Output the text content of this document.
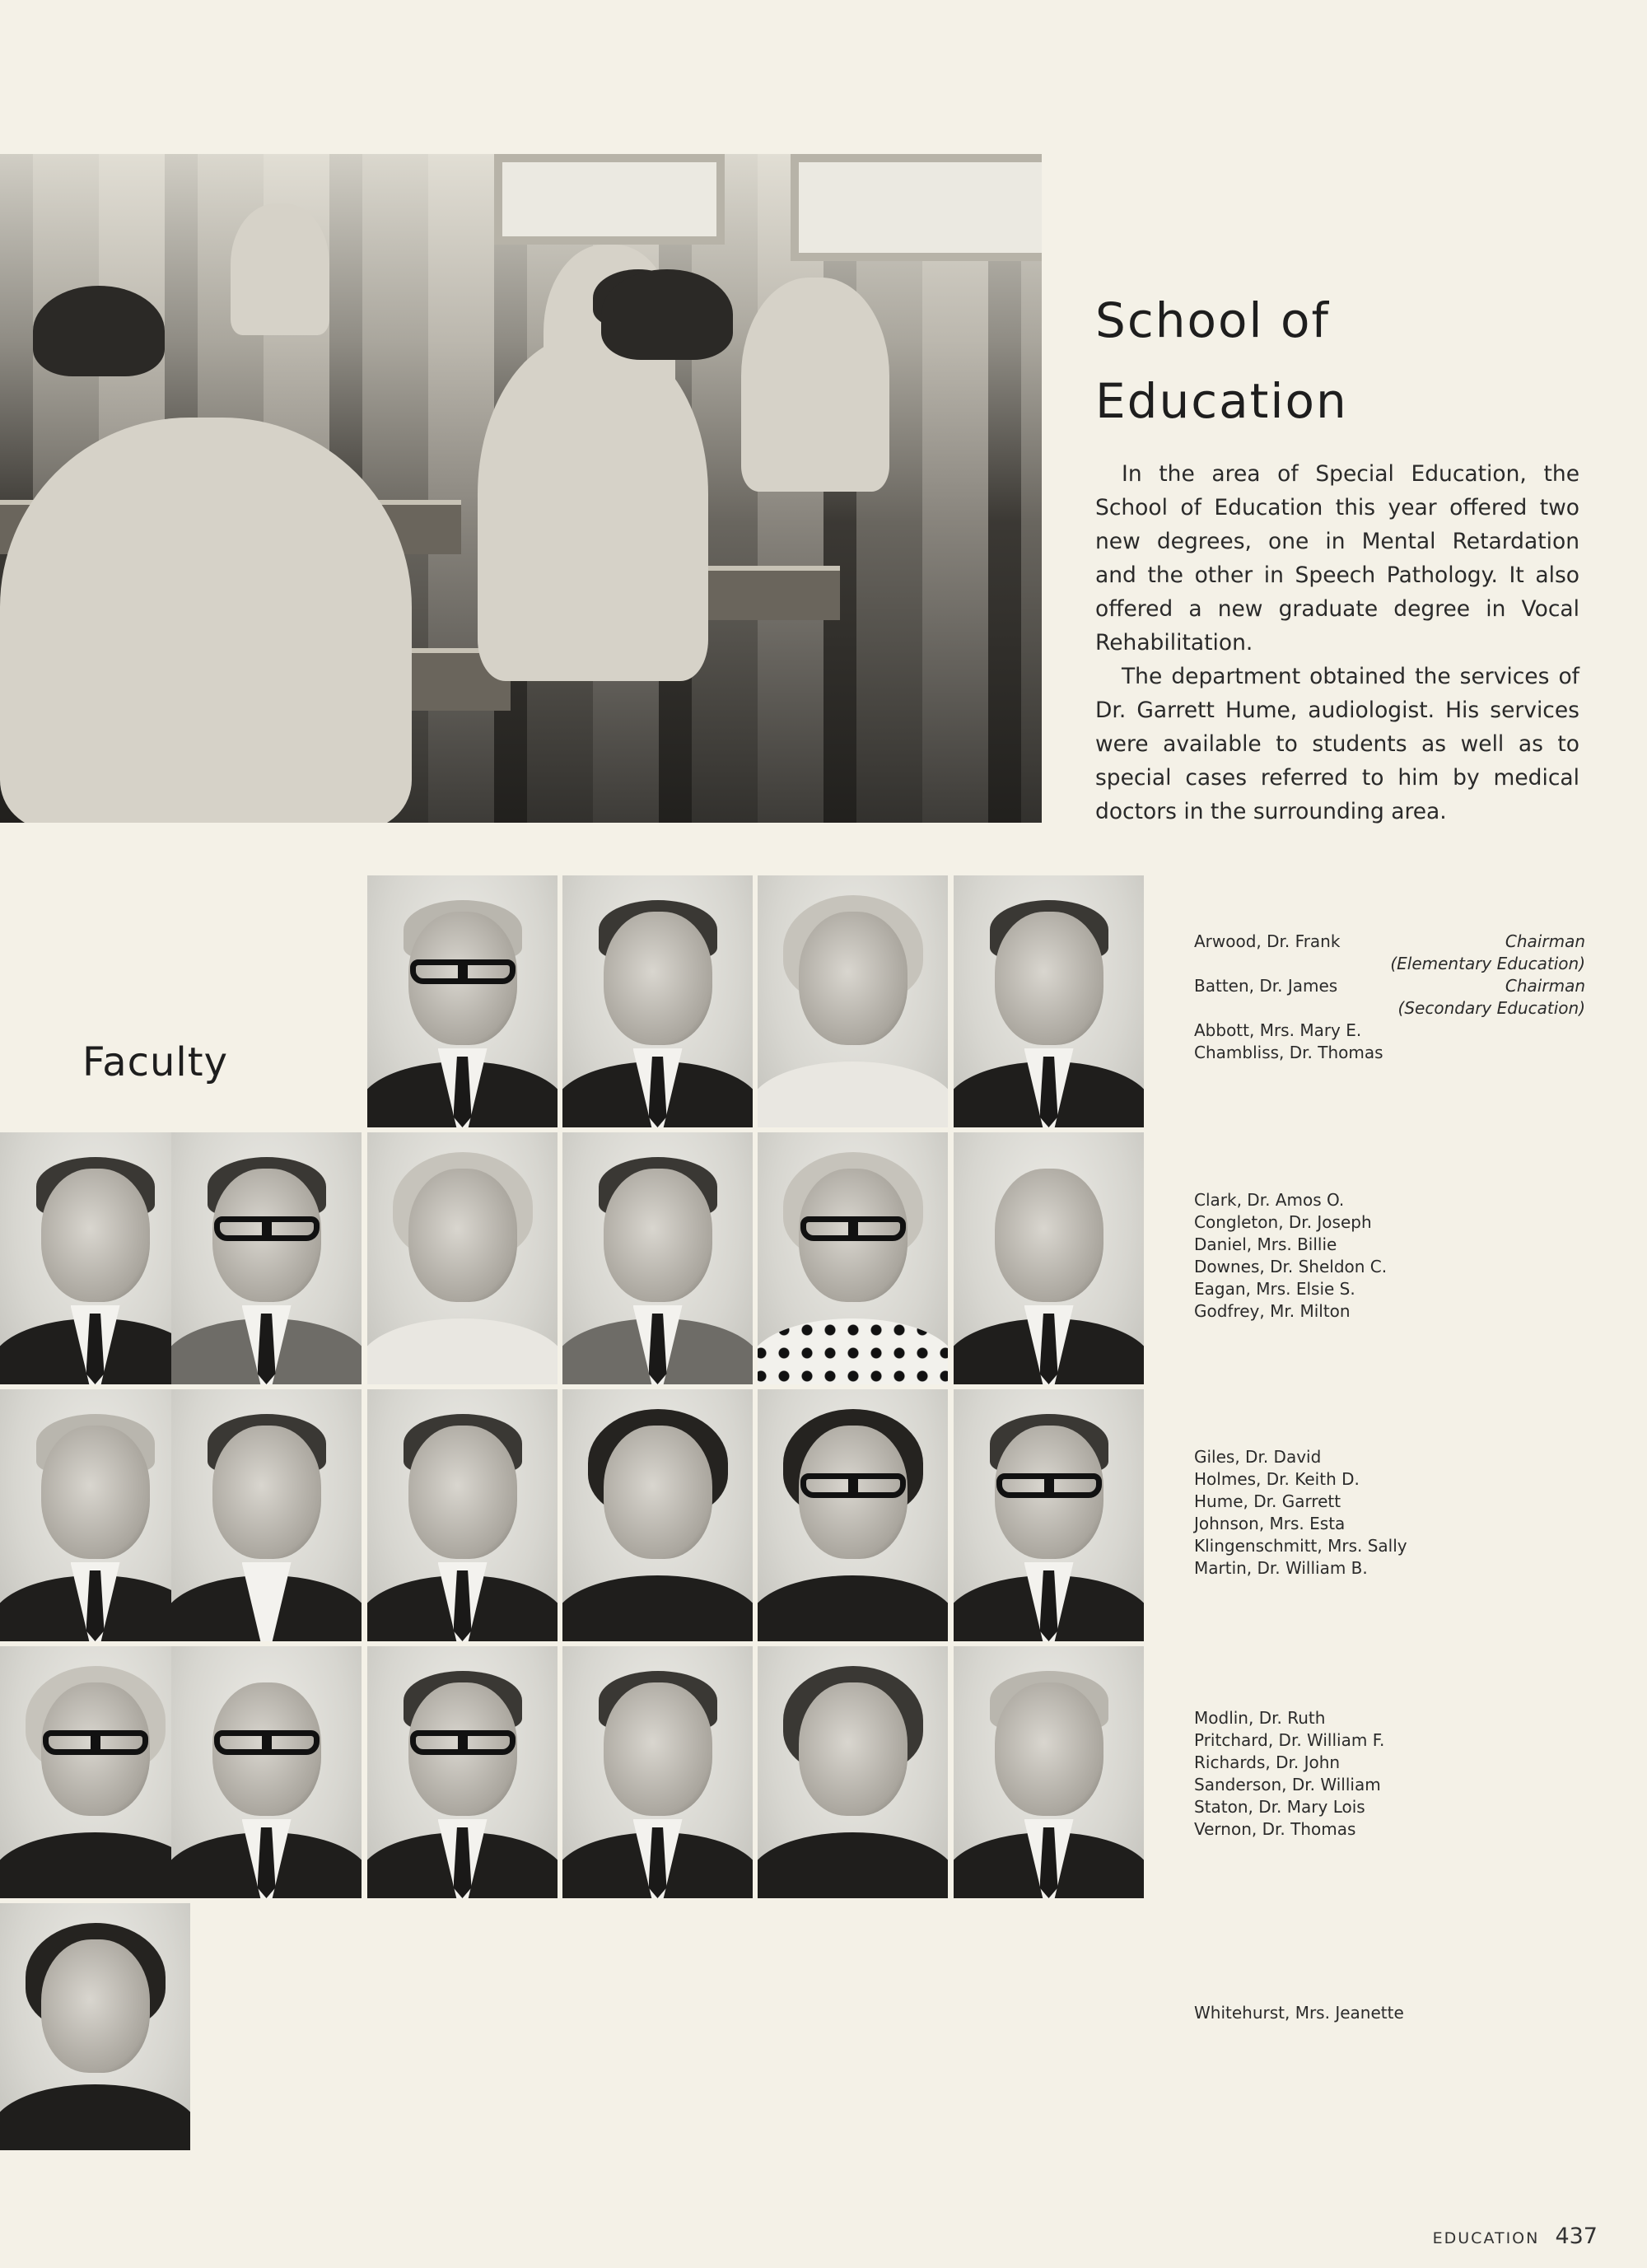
School of
Education

In the area of Special Education, the School of Education this year offered two new degrees, one in Mental Retardation and the other in Speech Pathology. It also offered a new graduate degree in Vocal Rehabilitation.

The department obtained the services of Dr. Garrett Hume, audiologist. His services were available to students as well as to special cases referred to him by medical doctors in the surrounding area.

Faculty
Arwood, Dr. Frank	Chairman
(Elementary Education)
Batten, Dr. James	Chairman
(Secondary Education)
Abbott, Mrs. Mary E.
Chambliss, Dr. Thomas
Clark, Dr. Amos O.
Congleton, Dr. Joseph
Daniel, Mrs. Billie
Downes, Dr. Sheldon C.
Eagan, Mrs. Elsie S.
Godfrey, Mr. Milton
Giles, Dr. David
Holmes, Dr. Keith D.
Hume, Dr. Garrett
Johnson, Mrs. Esta
Klingenschmitt, Mrs. Sally
Martin, Dr. William B.
Modlin, Dr. Ruth
Pritchard, Dr. William F.
Richards, Dr. John
Sanderson, Dr. William
Staton, Dr. Mary Lois
Vernon, Dr. Thomas
Whitehurst, Mrs. Jeanette
EDUCATION 437
